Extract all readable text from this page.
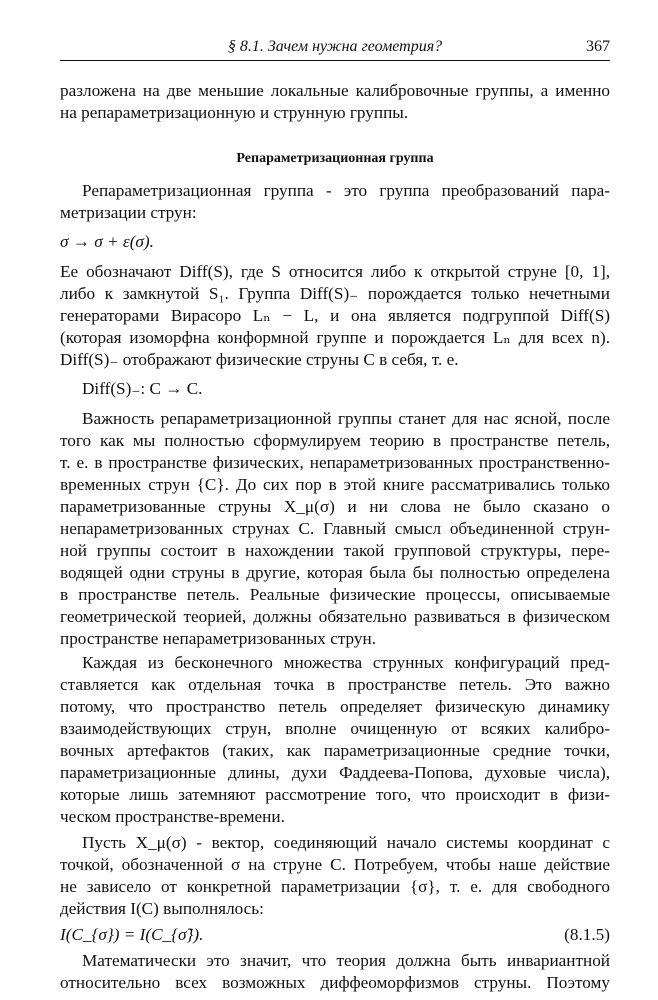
§ 8.1. Зачем нужна геометрия?	367
разложена на две меньшие локальные калибровочные группы, а именно
на репараметризационную и струнную группы.
Репараметризационная группа
Репараметризационная группа - это группа преобразований пара-
метризации струн:
σ → σ + ε(σ).
Ее обозначают Diff(S), где S относится либо к открытой струне [0, 1],
либо к замкнутой S₁. Группа Diff(S)₋ порождается только нечетными
генераторами Вирасоро Lₙ − L, и она является подгруппой Diff(S)
(которая изоморфна конформной группе и порождается Lₙ для всех n).
Diff(S)₋ отображают физические струны C в себя, т. е.
Diff(S)₋: C → C.
Важность репараметризационной группы станет для нас ясной, после
того как мы полностью сформулируем теорию в пространстве петель,
т. е. в пространстве физических, непараметризованных пространственно-
временных струн {C}. До сих пор в этой книге рассматривались только
параметризованные струны X_μ(σ) и ни слова не было сказано о
непараметризованных струнах C. Главный смысл объединенной струн-
ной группы состоит в нахождении такой групповой структуры, пере-
водящей одни струны в другие, которая была бы полностью определена
в пространстве петель. Реальные физические процессы, описываемые
геометрической теорией, должны обязательно развиваться в физическом
пространстве непараметризованных струн.
Каждая из бесконечного множества струнных конфигураций пред-
ставляется как отдельная точка в пространстве петель. Это важно
потому, что пространство петель определяет физическую динамику
взаимодействующих струн, вполне очищенную от всяких калибро-
вочных артефактов (таких, как параметризационные средние точки,
параметризационные длины, духи Фаддеева-Попова, духовые числа),
которые лишь затемняют рассмотрение того, что происходит в физи-
ческом пространстве-времени.
Пусть X_μ(σ) - вектор, соединяющий начало системы координат с
точкой, обозначенной σ на струне C. Потребуем, чтобы наше действие
не зависело от конкретной параметризации {σ}, т. е. для свободного
действия I(C) выполнялось:
I(C_{σ}) = I(C_{σ̃}).	(8.1.5)
Математически это значит, что теория должна быть инвариантной
относительно всех возможных диффеоморфизмов струны. Поэтому
